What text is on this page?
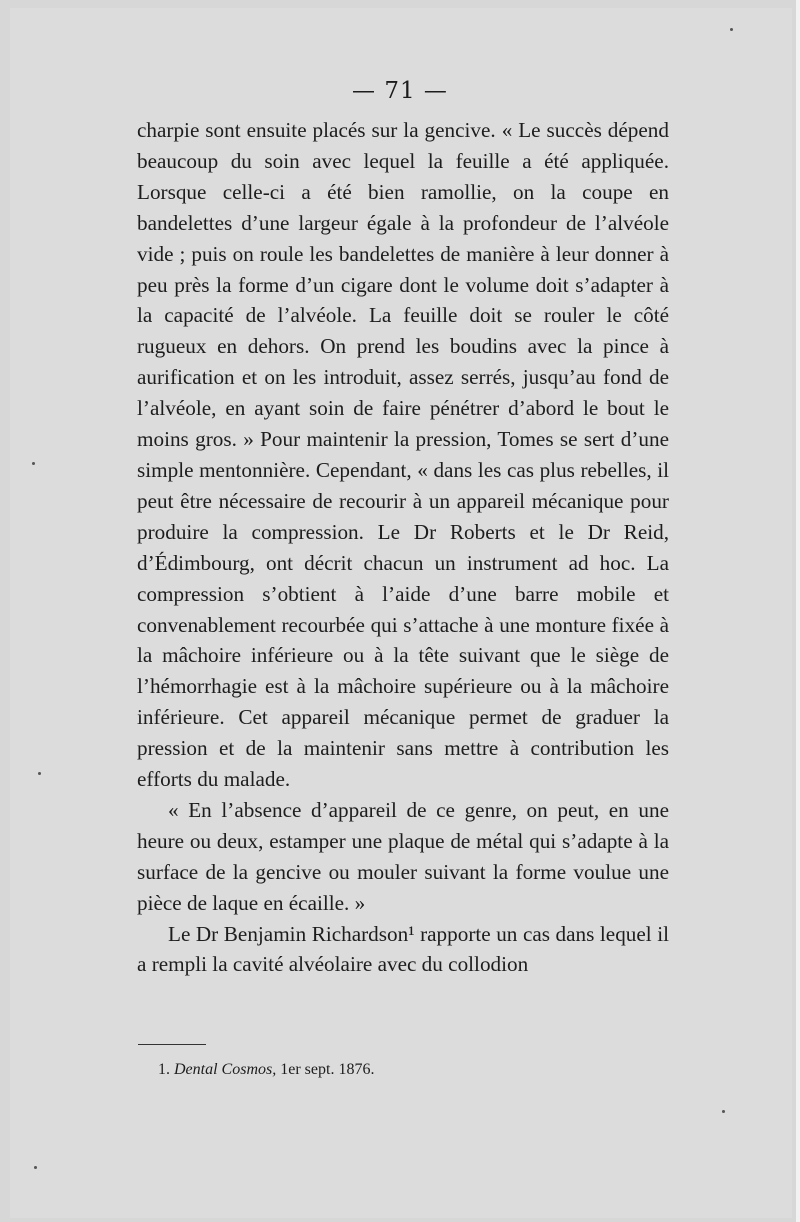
— 71 —

charpie sont ensuite placés sur la gencive. « Le succès dépend beaucoup du soin avec lequel la feuille a été appliquée. Lorsque celle-ci a été bien ramollie, on la coupe en bandelettes d’une largeur égale à la profondeur de l’alvéole vide ; puis on roule les bandelettes de manière à leur donner à peu près la forme d’un cigare dont le volume doit s’adapter à la capacité de l’alvéole. La feuille doit se rouler le côté rugueux en dehors. On prend les boudins avec la pince à aurification et on les introduit, assez serrés, jusqu’au fond de l’alvéole, en ayant soin de faire pénétrer d’abord le bout le moins gros. » Pour maintenir la pression, Tomes se sert d’une simple mentonnière. Cependant, « dans les cas plus rebelles, il peut être nécessaire de recourir à un appareil mécanique pour produire la compression. Le Dr Roberts et le Dr Reid, d’Édimbourg, ont décrit chacun un instrument ad hoc. La compression s’obtient à l’aide d’une barre mobile et convenablement recourbée qui s’attache à une monture fixée à la mâchoire inférieure ou à la tête suivant que le siège de l’hémorrhagie est à la mâchoire supérieure ou à la mâchoire inférieure. Cet appareil mécanique permet de graduer la pression et de la maintenir sans mettre à contribution les efforts du malade.

« En l’absence d’appareil de ce genre, on peut, en une heure ou deux, estamper une plaque de métal qui s’adapte à la surface de la gencive ou mouler suivant la forme voulue une pièce de laque en écaille. »

Le Dr Benjamin Richardson¹ rapporte un cas dans lequel il a rempli la cavité alvéolaire avec du collodion

1. Dental Cosmos, 1er sept. 1876.
